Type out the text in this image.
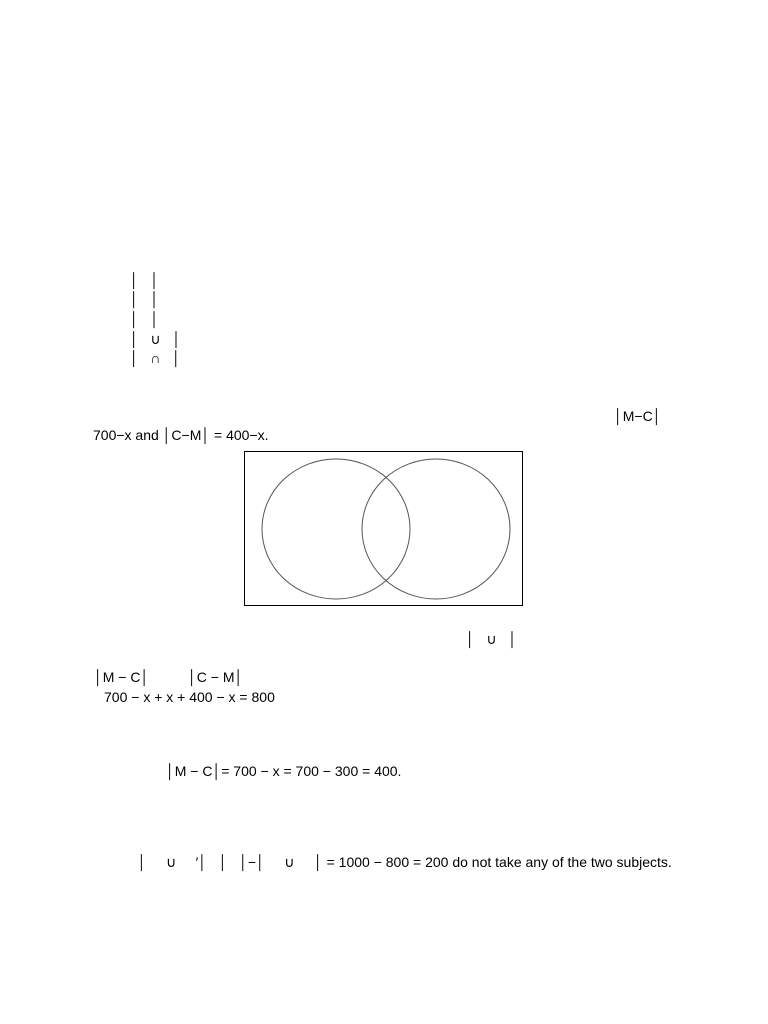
│   │
│   │
│   │
│   ∪   │
│   ∩   │
│M−C│
700−x and │C−M│ = 400−x.
│   ∪   │
│M − C│	│C − M│
700 − x + x + 400 − x = 800
│M − C│= 700 − x = 700 − 300 = 400.

│     ∪     ′│   │   │−│     ∪     │ = 1000 − 800 = 200 do not take any of the two subjects.
